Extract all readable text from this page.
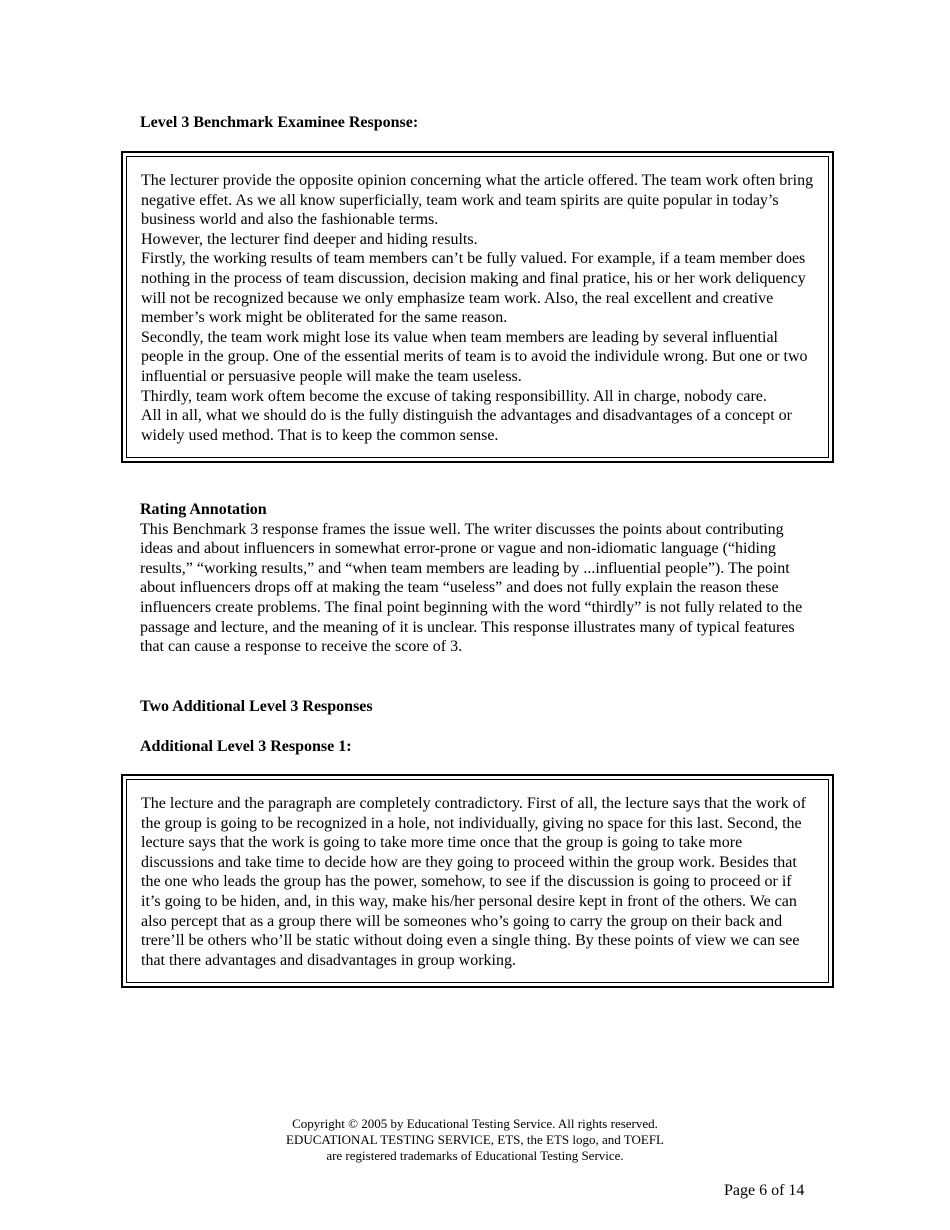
Level 3 Benchmark Examinee Response:

The lecturer provide the opposite opinion concerning what the article offered. The team work often bring negative effet. As we all know superficially, team work and team spirits are quite popular in today’s business world and also the fashionable terms.

However, the lecturer find deeper and hiding results.

Firstly, the working results of team members can’t be fully valued. For example, if a team member does nothing in the process of team discussion, decision making and final pratice, his or her work deliquency will not be recognized because we only emphasize team work. Also, the real excellent and creative member’s work might be obliterated for the same reason.

Secondly, the team work might lose its value when team members are leading by several influential people in the group. One of the essential merits of team is to avoid the individule wrong. But one or two influential or persuasive people will make the team useless.

Thirdly, team work oftem become the excuse of taking responsibillity. All in charge, nobody care.

All in all, what we should do is the fully distinguish the advantages and disadvantages of a concept or widely used method. That is to keep the common sense.

Rating Annotation

This Benchmark 3 response frames the issue well. The writer discusses the points about contributing ideas and about influencers in somewhat error-prone or vague and non-idiomatic language (“hiding results,” “working results,” and “when team members are leading by ...influential people”). The point about influencers drops off at making the team “useless” and does not fully explain the reason these influencers create problems. The final point beginning with the word “thirdly” is not fully related to the passage and lecture, and the meaning of it is unclear. This response illustrates many of typical features that can cause a response to receive the score of 3.

Two Additional Level 3 Responses
Additional Level 3 Response 1:

The lecture and the paragraph are completely contradictory. First of all, the lecture says that the work of the group is going to be recognized in a hole, not individually, giving no space for this last. Second, the lecture says that the work is going to take more time once that the group is going to take more discussions and take time to decide how are they going to proceed within the group work. Besides that the one who leads the group has the power, somehow, to see if the discussion is going to proceed or if it’s going to be hiden, and, in this way, make his/her personal desire kept in front of the others. We can also percept that as a group there will be someones who’s going to carry the group on their back and trere’ll be others who’ll be static without doing even a single thing. By these points of view we can see that there advantages and disadvantages in group working.

Copyright © 2005 by Educational Testing Service. All rights reserved.
EDUCATIONAL TESTING SERVICE, ETS, the ETS logo, and TOEFL
are registered trademarks of Educational Testing Service.
Page 6 of 14
